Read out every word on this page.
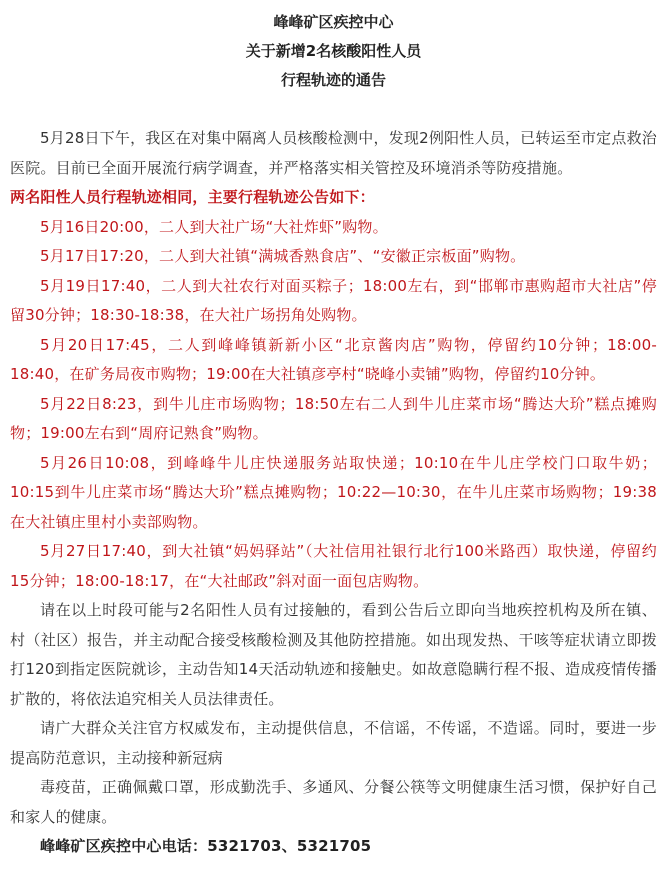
峰峰矿区疾控中心
关于新增2名核酸阳性人员
行程轨迹的通告

5月28日下午，我区在对集中隔离人员核酸检测中，发现2例阳性人员，已转运至市定点救治医院。目前已全面开展流行病学调查，并严格落实相关管控及环境消杀等防疫措施。

两名阳性人员行程轨迹相同，主要行程轨迹公告如下：

5月16日20:00，二人到大社广场“大社炸虾”购物。

5月17日17:20，二人到大社镇“满城香熟食店”、“安徽正宗板面”购物。

5月19日17:40，二人到大社农行对面买粽子；18:00左右，到“邯郸市惠购超市大社店”停留30分钟；18:30-18:38，在大社广场拐角处购物。

5月20日17:45，二人到峰峰镇新新小区“北京酱肉店”购物，停留约10分钟；18:00-18:40，在矿务局夜市购物；19:00在大社镇彦亭村“晓峰小卖铺”购物，停留约10分钟。

5月22日8:23，到牛儿庄市场购物；18:50左右二人到牛儿庄菜市场“腾达大玠”糕点摊购物；19:00左右到“周府记熟食”购物。

5月26日10:08，到峰峰牛儿庄快递服务站取快递；10:10在牛儿庄学校门口取牛奶；10:15到牛儿庄菜市场“腾达大玠”糕点摊购物；10:22—10:30，在牛儿庄菜市场购物；19:38在大社镇庄里村小卖部购物。

5月27日17:40，到大社镇“妈妈驿站”（大社信用社银行北行100米路西）取快递，停留约15分钟；18:00-18:17，在“大社邮政”斜对面一面包店购物。

请在以上时段可能与2名阳性人员有过接触的，看到公告后立即向当地疾控机构及所在镇、村（社区）报告，并主动配合接受核酸检测及其他防控措施。如出现发热、干咳等症状请立即拨打120到指定医院就诊，主动告知14天活动轨迹和接触史。如故意隐瞒行程不报、造成疫情传播扩散的，将依法追究相关人员法律责任。

请广大群众关注官方权威发布，主动提供信息，不信谣，不传谣，不造谣。同时，要进一步提高防范意识，主动接种新冠病

毒疫苗，正确佩戴口罩，形成勤洗手、多通风、分餐公筷等文明健康生活习惯，保护好自己和家人的健康。

峰峰矿区疾控中心电话：5321703、5321705
